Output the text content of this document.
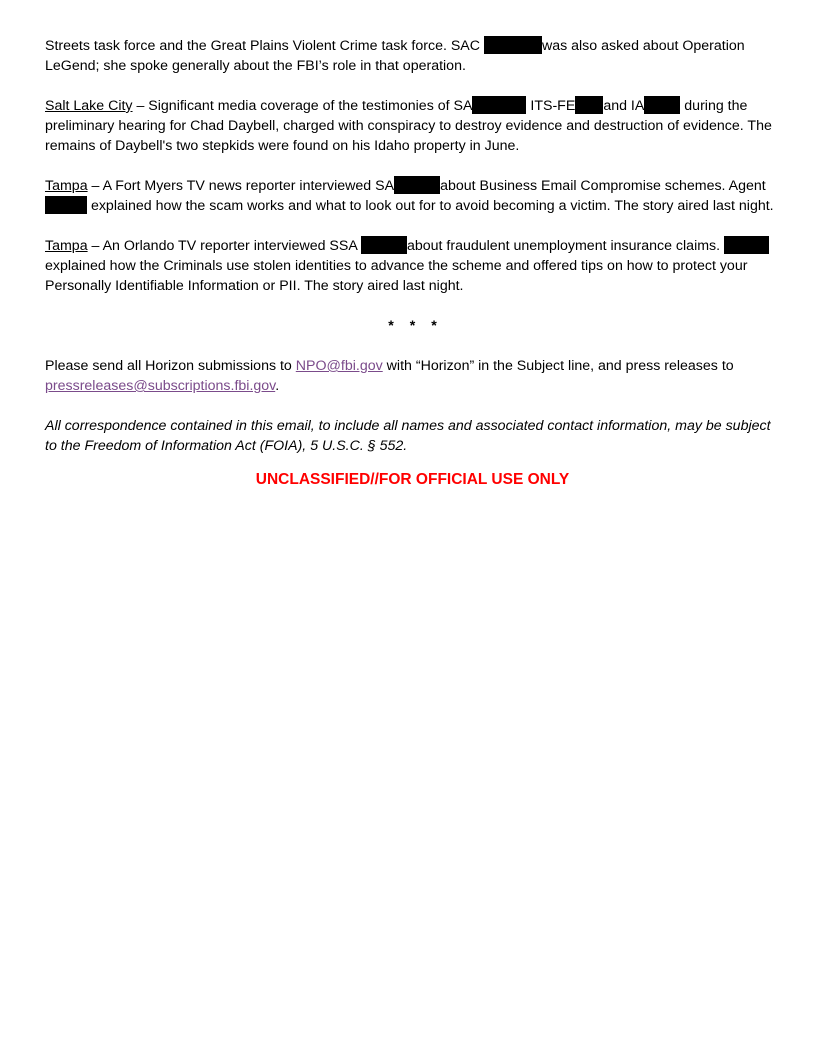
Streets task force and the Great Plains Violent Crime task force. SAC	was also asked about Operation LeGend; she spoke generally about the FBI’s role in that operation.

Salt Lake City – Significant media coverage of the testimonies of SA	ITS-FE and IA	during the preliminary hearing for Chad Daybell, charged with conspiracy to destroy evidence and destruction of evidence. The remains of Daybell's two stepkids were found on his Idaho property in June.

Tampa – A Fort Myers TV news reporter interviewed SA	about Business Email Compromise schemes. Agent  explained how the scam works and what to look out for to avoid becoming a victim. The story aired last night.

Tampa – An Orlando TV reporter interviewed SSA	about fraudulent unemployment insurance claims.  explained how the Criminals use stolen identities to advance the scheme and offered tips on how to protect your Personally Identifiable Information or PII. The story aired last night.

* * *

Please send all Horizon submissions to NPO@fbi.gov with “Horizon” in the Subject line, and press releases to pressreleases@subscriptions.fbi.gov.

All correspondence contained in this email, to include all names and associated contact information, may be subject to the Freedom of Information Act (FOIA), 5 U.S.C. § 552.

UNCLASSIFIED//FOR OFFICIAL USE ONLY
